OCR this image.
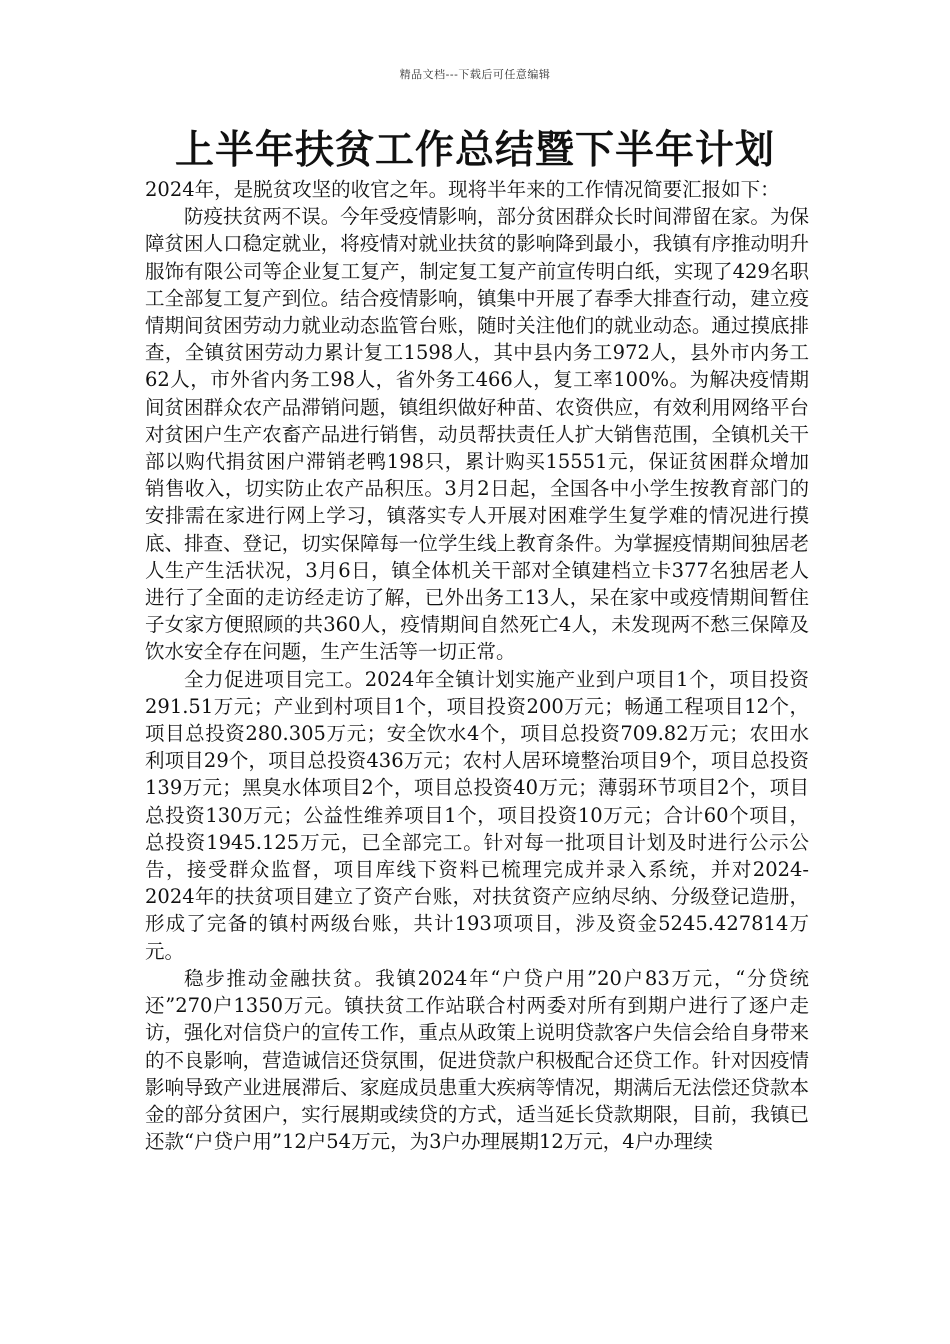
精品文档---下载后可任意编辑
上半年扶贫工作总结暨下半年计划

2024年，是脱贫攻坚的收官之年。现将半年来的工作情况简要汇报如下：

防疫扶贫两不误。今年受疫情影响，部分贫困群众长时间滞留在家。为保障贫困人口稳定就业，将疫情对就业扶贫的影响降到最小，我镇有序推动明升服饰有限公司等企业复工复产，制定复工复产前宣传明白纸，实现了429名职工全部复工复产到位。结合疫情影响，镇集中开展了春季大排查行动，建立疫情期间贫困劳动力就业动态监管台账，随时关注他们的就业动态。通过摸底排查，全镇贫困劳动力累计复工1598人，其中县内务工972人，县外市内务工62人，市外省内务工98人，省外务工466人，复工率100%。为解决疫情期间贫困群众农产品滞销问题，镇组织做好种苗、农资供应，有效利用网络平台对贫困户生产农畜产品进行销售，动员帮扶责任人扩大销售范围，全镇机关干部以购代捐贫困户滞销老鸭198只，累计购买15551元，保证贫困群众增加销售收入，切实防止农产品积压。3月2日起，全国各中小学生按教育部门的安排需在家进行网上学习，镇落实专人开展对困难学生复学难的情况进行摸底、排查、登记，切实保障每一位学生线上教育条件。为掌握疫情期间独居老人生产生活状况，3月6日，镇全体机关干部对全镇建档立卡377名独居老人进行了全面的走访经走访了解，已外出务工13人，呆在家中或疫情期间暂住子女家方便照顾的共360人，疫情期间自然死亡4人，未发现两不愁三保障及饮水安全存在问题，生产生活等一切正常。

全力促进项目完工。2024年全镇计划实施产业到户项目1个，项目投资291.51万元；产业到村项目1个，项目投资200万元；畅通工程项目12个，项目总投资280.305万元；安全饮水4个，项目总投资709.82万元；农田水利项目29个，项目总投资436万元；农村人居环境整治项目9个，项目总投资139万元；黑臭水体项目2个，项目总投资40万元；薄弱环节项目2个，项目总投资130万元；公益性维养项目1个，项目投资10万元；合计60个项目，总投资1945.125万元，已全部完工。针对每一批项目计划及时进行公示公告，接受群众监督，项目库线下资料已梳理完成并录入系统，并对2024-2024年的扶贫项目建立了资产台账，对扶贫资产应纳尽纳、分级登记造册，形成了完备的镇村两级台账，共计193项项目，涉及资金5245.427814万元。

稳步推动金融扶贫。我镇2024年“户贷户用”20户83万元，“分贷统还”270户1350万元。镇扶贫工作站联合村两委对所有到期户进行了逐户走访，强化对信贷户的宣传工作，重点从政策上说明贷款客户失信会给自身带来的不良影响，营造诚信还贷氛围，促进贷款户积极配合还贷工作。针对因疫情影响导致产业进展滞后、家庭成员患重大疾病等情况，期满后无法偿还贷款本金的部分贫困户，实行展期或续贷的方式，适当延长贷款期限，目前，我镇已还款“户贷户用”12户54万元，为3户办理展期12万元，4户办理续
